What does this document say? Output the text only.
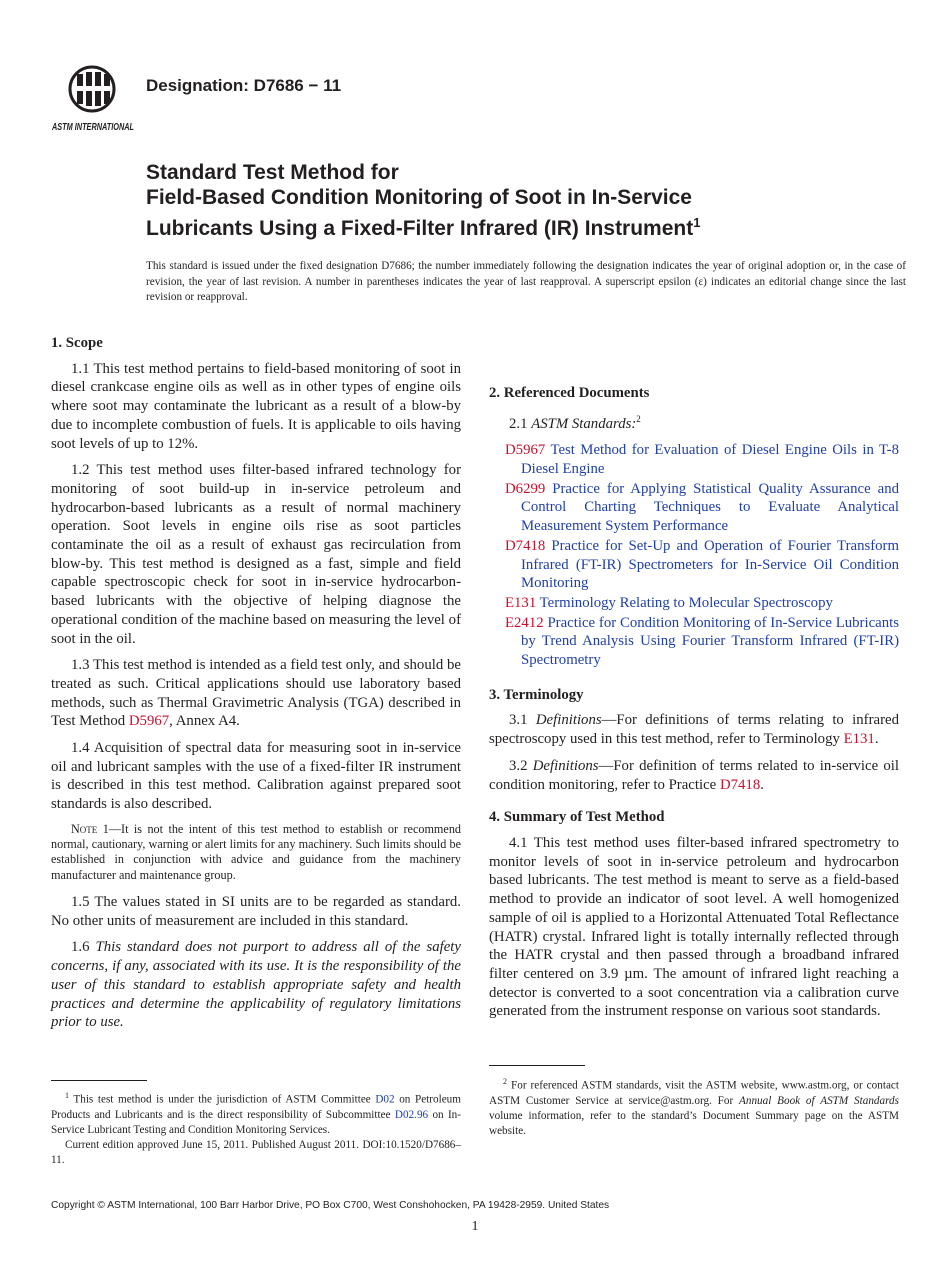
ASTM INTERNATIONAL
Designation: D7686 − 11

Standard Test Method for

Field-Based Condition Monitoring of Soot in In-Service

Lubricants Using a Fixed-Filter Infrared (IR) Instrument$^1$

This standard is issued under the fixed designation D7686; the number immediately following the designation indicates the year of original adoption or, in the case of revision, the year of last revision. A number in parentheses indicates the year of last reapproval. A superscript epsilon (ε) indicates an editorial change since the last revision or reapproval.
1. Scope

1.1 This test method pertains to field-based monitoring of soot in diesel crankcase engine oils as well as in other types of engine oils where soot may contaminate the lubricant as a result of a blow-by due to incomplete combustion of fuels. It is applicable to oils having soot levels of up to 12%.

1.2 This test method uses filter-based infrared technology for monitoring of soot build-up in in-service petroleum and hydrocarbon-based lubricants as a result of normal machinery operation. Soot levels in engine oils rise as soot particles contaminate the oil as a result of exhaust gas recirculation from blow-by. This test method is designed as a fast, simple and field capable spectroscopic check for soot in in-service hydrocarbon-based lubricants with the objective of helping diagnose the operational condition of the machine based on measuring the level of soot in the oil.

1.3 This test method is intended as a field test only, and should be treated as such. Critical applications should use laboratory based methods, such as Thermal Gravimetric Analysis (TGA) described in Test Method D5967, Annex A4.

1.4 Acquisition of spectral data for measuring soot in in-service oil and lubricant samples with the use of a fixed-filter IR instrument is described in this test method. Calibration against prepared soot standards is also described.

Note 1—It is not the intent of this test method to establish or recommend normal, cautionary, warning or alert limits for any machinery. Such limits should be established in conjunction with advice and guidance from the machinery manufacturer and maintenance group.

1.5 The values stated in SI units are to be regarded as standard. No other units of measurement are included in this standard.

1.6 This standard does not purport to address all of the safety concerns, if any, associated with its use. It is the responsibility of the user of this standard to establish appropriate safety and health practices and determine the applicability of regulatory limitations prior to use.

2. Referenced Documents

2.1 ASTM Standards:$^2$

D5967 Test Method for Evaluation of Diesel Engine Oils in T-8 Diesel Engine
D6299 Practice for Applying Statistical Quality Assurance and Control Charting Techniques to Evaluate Analytical Measurement System Performance
D7418 Practice for Set-Up and Operation of Fourier Transform Infrared (FT-IR) Spectrometers for In-Service Oil Condition Monitoring
E131 Terminology Relating to Molecular Spectroscopy
E2412 Practice for Condition Monitoring of In-Service Lubricants by Trend Analysis Using Fourier Transform Infrared (FT-IR) Spectrometry
3. Terminology

3.1 Definitions—For definitions of terms relating to infrared spectroscopy used in this test method, refer to Terminology E131.

3.2 Definitions—For definition of terms related to in-service oil condition monitoring, refer to Practice D7418.

4. Summary of Test Method

4.1 This test method uses filter-based infrared spectrometry to monitor levels of soot in in-service petroleum and hydrocarbon based lubricants. The test method is meant to serve as a field-based method to provide an indicator of soot level. A well homogenized sample of oil is applied to a Horizontal Attenuated Total Reflectance (HATR) crystal. Infrared light is totally internally reflected through the HATR crystal and then passed through a broadband infrared filter centered on 3.9 µm. The amount of infrared light reaching a detector is converted to a soot concentration via a calibration curve generated from the instrument response on various soot standards.

$^1$ This test method is under the jurisdiction of ASTM Committee D02 on Petroleum Products and Lubricants and is the direct responsibility of Subcommittee D02.96 on In-Service Lubricant Testing and Condition Monitoring Services.

Current edition approved June 15, 2011. Published August 2011. DOI:10.1520/D7686–11.

$^2$ For referenced ASTM standards, visit the ASTM website, www.astm.org, or contact ASTM Customer Service at service@astm.org. For Annual Book of ASTM Standards volume information, refer to the standard’s Document Summary page on the ASTM website.

Copyright © ASTM International, 100 Barr Harbor Drive, PO Box C700, West Conshohocken, PA 19428-2959. United States
1
